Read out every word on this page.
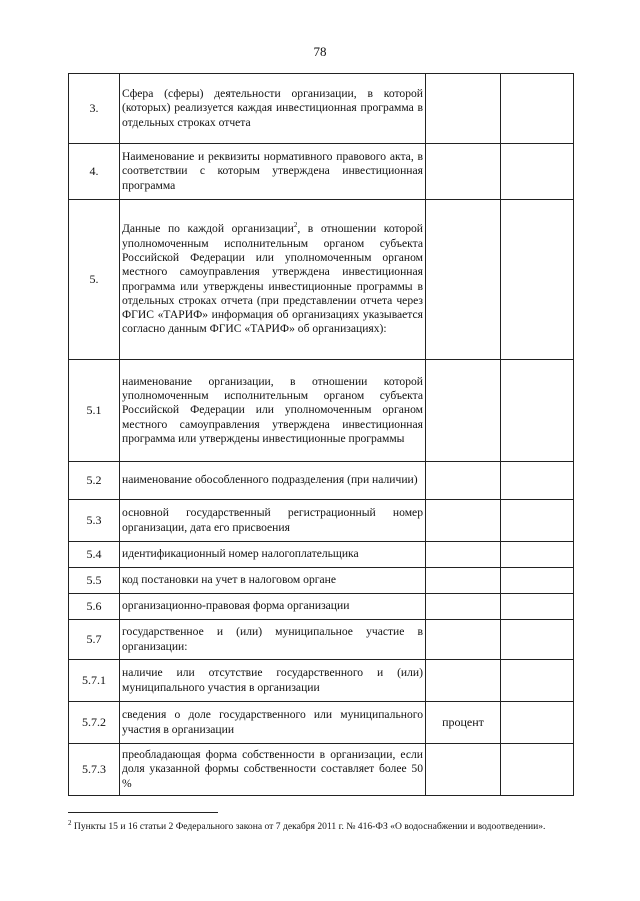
78
3.	Сфера (сферы) деятельности организации, в которой (которых) реализуется каждая инвестиционная программа в отдельных строках отчета		
4.	Наименование и реквизиты нормативного правового акта, в соответствии с которым утверждена инвестиционная программа		
5.	Данные по каждой организации$^2$, в отношении которой уполномоченным исполнительным органом субъекта Российской Федерации или уполномоченным органом местного самоуправления утверждена инвестиционная программа или утверждены инвестиционные программы в отдельных строках отчета (при представлении отчета через ФГИС «ТАРИФ» информация об организациях указывается согласно данным ФГИС «ТАРИФ» об организациях):		
5.1	наименование организации, в отношении которой уполномоченным исполнительным органом субъекта Российской Федерации или уполномоченным органом местного самоуправления утверждена инвестиционная программа или утверждены инвестиционные программы		
5.2	наименование обособленного подразделения (при наличии)		
5.3	основной государственный регистрационный номер организации, дата его присвоения		
5.4	идентификационный номер налогоплательщика		
5.5	код постановки на учет в налоговом органе		
5.6	организационно-правовая форма организации		
5.7	государственное и (или) муниципальное участие в организации:		
5.7.1	наличие или отсутствие государственного и (или) муниципального участия в организации		
5.7.2	сведения о доле государственного или муниципального участия в организации	процент	
5.7.3	преобладающая форма собственности в организации, если доля указанной формы собственности составляет более 50 %		
$^2$ Пункты 15 и 16 статьи 2 Федерального закона от 7 декабря 2011 г. № 416-ФЗ «О водоснабжении и водоотведении».
